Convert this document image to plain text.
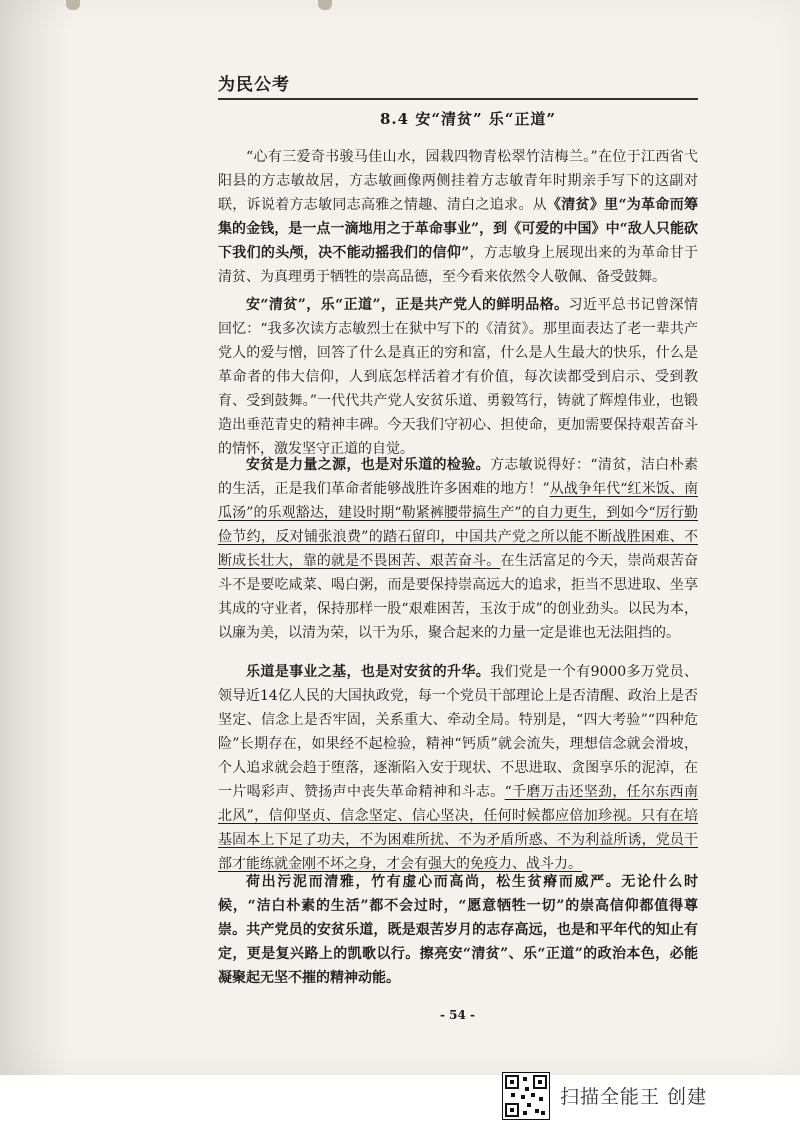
为民公考
8.4 安“清贫” 乐“正道”

“心有三爱奇书骏马佳山水，园栽四物青松翠竹洁梅兰。”在位于江西省弋阳县的方志敏故居，方志敏画像两侧挂着方志敏青年时期亲手写下的这副对联，诉说着方志敏同志高雅之情趣、清白之追求。从《清贫》里“为革命而筹集的金钱，是一点一滴地用之于革命事业”，到《可爱的中国》中“敌人只能砍下我们的头颅，决不能动摇我们的信仰”，方志敏身上展现出来的为革命甘于清贫、为真理勇于牺牲的崇高品德，至今看来依然令人敬佩、备受鼓舞。

安“清贫”，乐“正道”，正是共产党人的鲜明品格。习近平总书记曾深情回忆：“我多次读方志敏烈士在狱中写下的《清贫》。那里面表达了老一辈共产党人的爱与憎，回答了什么是真正的穷和富，什么是人生最大的快乐，什么是革命者的伟大信仰，人到底怎样活着才有价值，每次读都受到启示、受到教育、受到鼓舞。”一代代共产党人安贫乐道、勇毅笃行，铸就了辉煌伟业，也锻造出垂范青史的精神丰碑。今天我们守初心、担使命，更加需要保持艰苦奋斗的情怀，激发坚守正道的自觉。

安贫是力量之源，也是对乐道的检验。方志敏说得好：“清贫，洁白朴素的生活，正是我们革命者能够战胜许多困难的地方！”从战争年代“红米饭、南瓜汤”的乐观豁达，建设时期“勒紧裤腰带搞生产”的自力更生，到如今“厉行勤俭节约，反对铺张浪费”的踏石留印，中国共产党之所以能不断战胜困难、不断成长壮大，靠的就是不畏困苦、艰苦奋斗。在生活富足的今天，崇尚艰苦奋斗不是要吃咸菜、喝白粥，而是要保持崇高远大的追求，拒当不思进取、坐享其成的守业者，保持那样一股“艰难困苦，玉汝于成”的创业劲头。以民为本，以廉为美，以清为荣，以干为乐，聚合起来的力量一定是谁也无法阻挡的。

乐道是事业之基，也是对安贫的升华。我们党是一个有9000多万党员、领导近14亿人民的大国执政党，每一个党员干部理论上是否清醒、政治上是否坚定、信念上是否牢固，关系重大、牵动全局。特别是，“四大考验”“四种危险”长期存在，如果经不起检验，精神“钙质”就会流失，理想信念就会滑坡，个人追求就会趋于堕落，逐渐陷入安于现状、不思进取、贪图享乐的泥淖，在一片喝彩声、赞扬声中丧失革命精神和斗志。“千磨万击还坚劲，任尔东西南北风”，信仰坚贞、信念坚定、信心坚决，任何时候都应倍加珍视。只有在培基固本上下足了功夫，不为困难所扰、不为矛盾所惑、不为利益所诱，党员干部才能练就金刚不坏之身，才会有强大的免疫力、战斗力。

荷出污泥而清雅，竹有虚心而高尚，松生贫瘠而威严。无论什么时候，“洁白朴素的生活”都不会过时，“愿意牺牲一切”的崇高信仰都值得尊崇。共产党员的安贫乐道，既是艰苦岁月的志存高远，也是和平年代的知止有定，更是复兴路上的凯歌以行。擦亮安“清贫”、乐“正道”的政治本色，必能凝聚起无坚不摧的精神动能。

- 54 -
扫描全能王 创建
